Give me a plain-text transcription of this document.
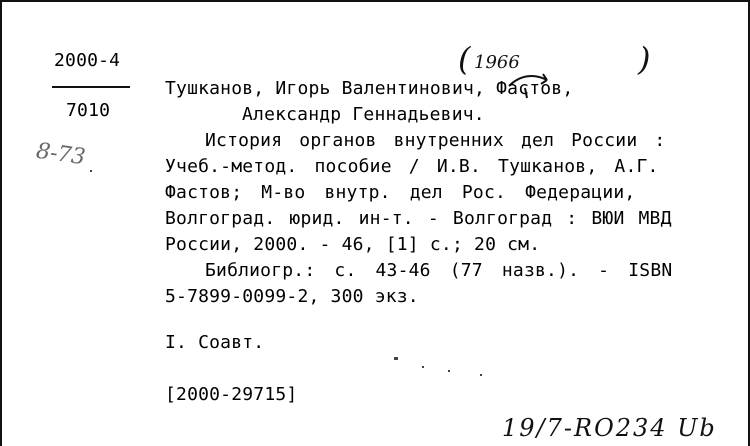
2000-4
7010
8-73
( 1966	)
Тушканов, Игорь Валентинович, Фастов,
Александр Геннадьевич.
История органов внутренних дел России :
Учеб.-метод. пособие / И.В. Тушканов, А.Г.
Фастов; М-во внутр. дел Рос. Федерации,
Волгоград. юрид. ин-т. - Волгоград : ВЮИ МВД
России, 2000. - 46, [1] с.; 20 см.
Библиогр.: с. 43-46 (77 назв.). - ISBN
5-7899-0099-2, 300 экз.
I. Соавт.
[2000-29715]
19/7-RO234 Ub
